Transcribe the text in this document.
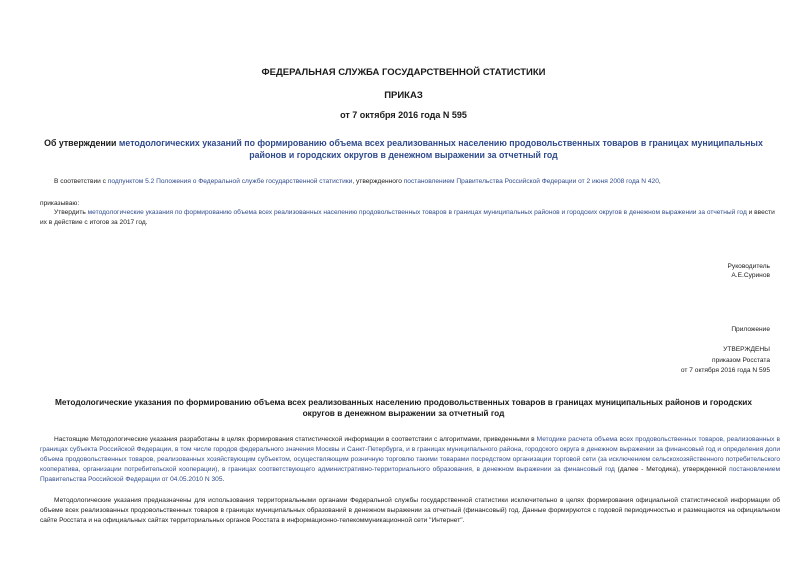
ФЕДЕРАЛЬНАЯ СЛУЖБА ГОСУДАРСТВЕННОЙ СТАТИСТИКИ
ПРИКАЗ
от 7 октября 2016 года N 595
Об утверждении методологических указаний по формированию объема всех реализованных населению продовольственных товаров в границах муниципальных районов и городских округов в денежном выражении за отчетный год
В соответствии с подпунктом 5.2 Положения о Федеральной службе государственной статистики, утвержденного постановлением Правительства Российской Федерации от 2 июня 2008 года N 420,
приказываю:
Утвердить методологические указания по формированию объема всех реализованных населению продовольственных товаров в границах муниципальных районов и городских округов в денежном выражении за отчетный год и ввести их в действие с итогов за 2017 год.
Руководитель
А.Е.Суринов
Приложение
УТВЕРЖДЕНЫ
приказом Росстата
от 7 октября 2016 года N 595
Методологические указания по формированию объема всех реализованных населению продовольственных товаров в границах муниципальных районов и городских округов в денежном выражении за отчетный год
Настоящие Методологические указания разработаны в целях формирования статистической информации в соответствии с алгоритмами, приведенными в Методике расчета объема всех продовольственных товаров, реализованных в границах субъекта Российской Федерации, в том числе городов федерального значения Москвы и Санкт-Петербурга, и в границах муниципального района, городского округа в денежном выражении за финансовый год и определения доли объема продовольственных товаров, реализованных хозяйствующим субъектом, осуществляющим розничную торговлю такими товарами посредством организации торговой сети (за исключением сельскохозяйственного потребительского кооператива, организации потребительской кооперации), в границах соответствующего административно-территориального образования, в денежном выражении за финансовый год (далее - Методика), утвержденной постановлением Правительства Российской Федерации от 04.05.2010 N 305.
Методологические указания предназначены для использования территориальными органами Федеральной службы государственной статистики исключительно в целях формирования официальной статистической информации об объеме всех реализованных продовольственных товаров в границах муниципальных образований в денежном выражении за отчетный (финансовый) год. Данные формируются с годовой периодичностью и размещаются на официальном сайте Росстата и на официальных сайтах территориальных органов Росстата в информационно-телекоммуникационной сети "Интернет".
